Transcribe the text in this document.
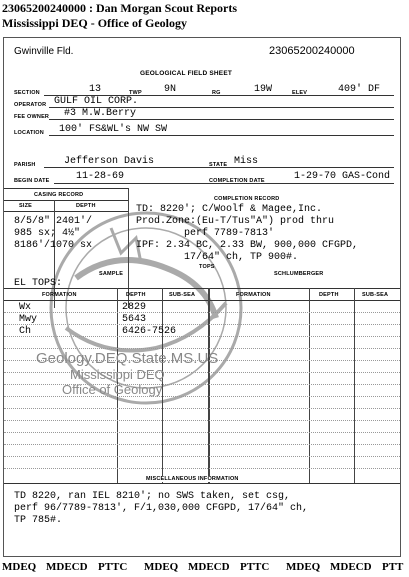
23065200240000 : Dan Morgan Scout Reports
Mississippi DEQ - Office of Geology
Gwinville Fld.	23065200240000
GEOLOGICAL FIELD SHEET
SECTION	13	TWP 9N	RG	19W	ELEV	409' DF
OPERATOR GULF OIL CORP.
FEE OWNER #3 M.W.Berry
LOCATION 100' FS&WL's NW SW
PARISH	Jefferson Davis	STATE Miss
BEGIN DATE	11-28-69	COMPLETION DATE	1-29-70 GAS-Cond
CASING RECORD
SIZE	DEPTH
8/5/8" 2401'/
985 sx; 4½"
8186'/1070 sx
COMPLETION RECORD
TD: 8220'; C/Woolf & Magee,Inc.
Prod.Zone:(Eu-T/Tus"A") prod thru
perf 7789-7813'
IPF: 2.34 BC, 2.33 BW, 900,000 CFGPD,
17/64" ch, TP 900#.
TOPS
SAMPLE	SCHLUMBERGER
EL TOPS:
FORMATION	DEPTH	SUB-SEA	FORMATION	DEPTH	SUB-SEA
Wx	2829
Mwy	5643
Ch	6426-7526
Geology.DEQ.State.MS.US
Mississippi DEQ
Office of Geology
MISCELLANEOUS INFORMATION
TD 8220, ran IEL 8210'; no SWS taken, set csg,
perf 96/7789-7813', F/1,030,000 CFGPD, 17/64" ch,
TP 785#.
MDEQ MDECD PTTC MDEQ MDECD PTTC MDEQ MDECD PTT
